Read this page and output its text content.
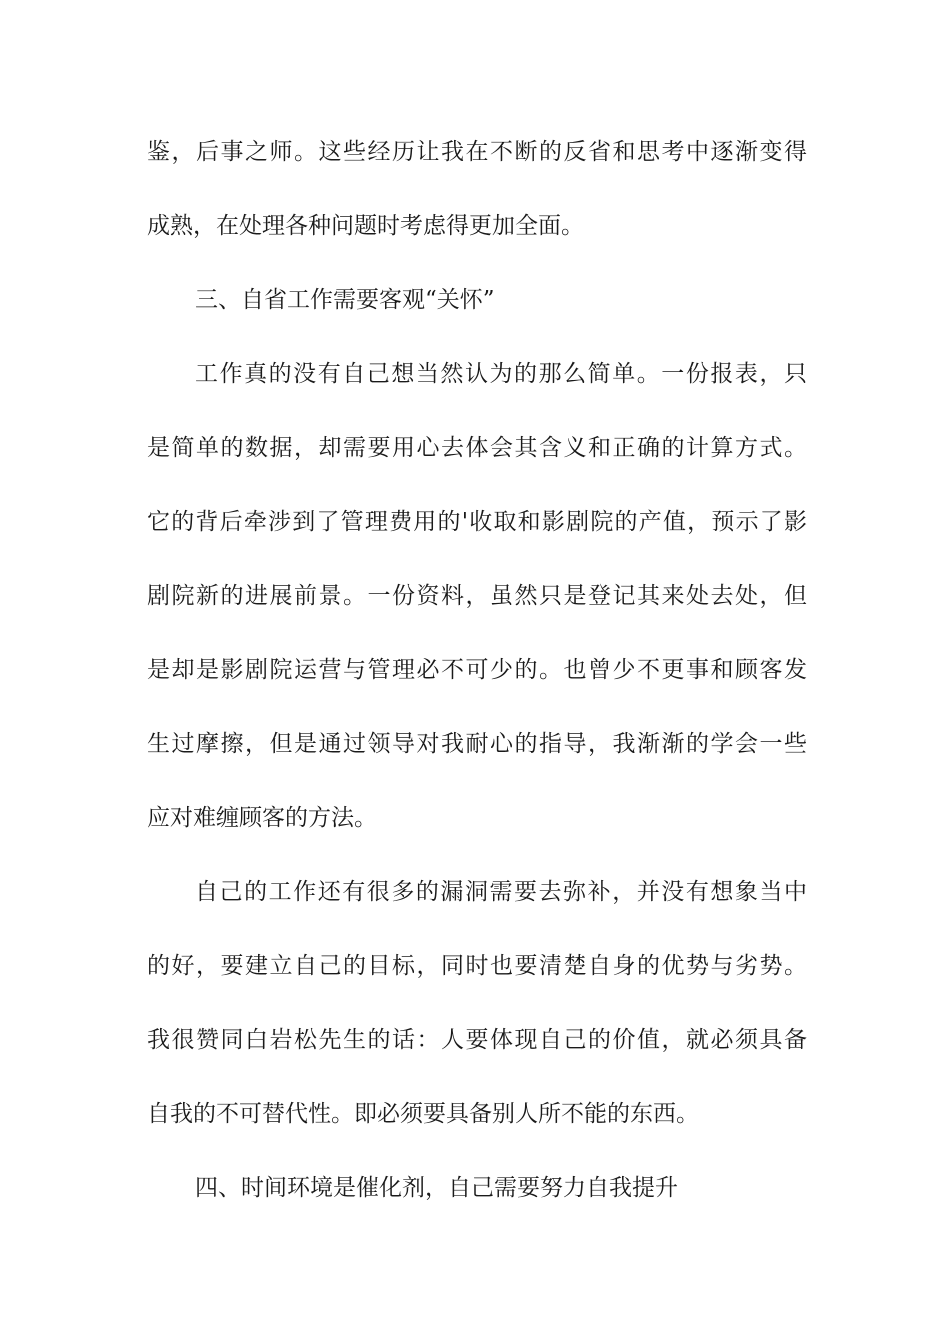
鉴，后事之师。这些经历让我在不断的反省和思考中逐渐变得
成熟，在处理各种问题时考虑得更加全面。
三、自省工作需要客观“关怀”
工作真的没有自己想当然认为的那么简单。一份报表，只
是简单的数据，却需要用心去体会其含义和正确的计算方式。
它的背后牵涉到了管理费用的'收取和影剧院的产值，预示了影
剧院新的进展前景。一份资料，虽然只是登记其来处去处，但
是却是影剧院运营与管理必不可少的。也曾少不更事和顾客发
生过摩擦，但是通过领导对我耐心的指导，我渐渐的学会一些
应对难缠顾客的方法。
自己的工作还有很多的漏洞需要去弥补，并没有想象当中
的好，要建立自己的目标，同时也要清楚自身的优势与劣势。
我很赞同白岩松先生的话：人要体现自己的价值，就必须具备
自我的不可替代性。即必须要具备别人所不能的东西。
四、时间环境是催化剂，自己需要努力自我提升
